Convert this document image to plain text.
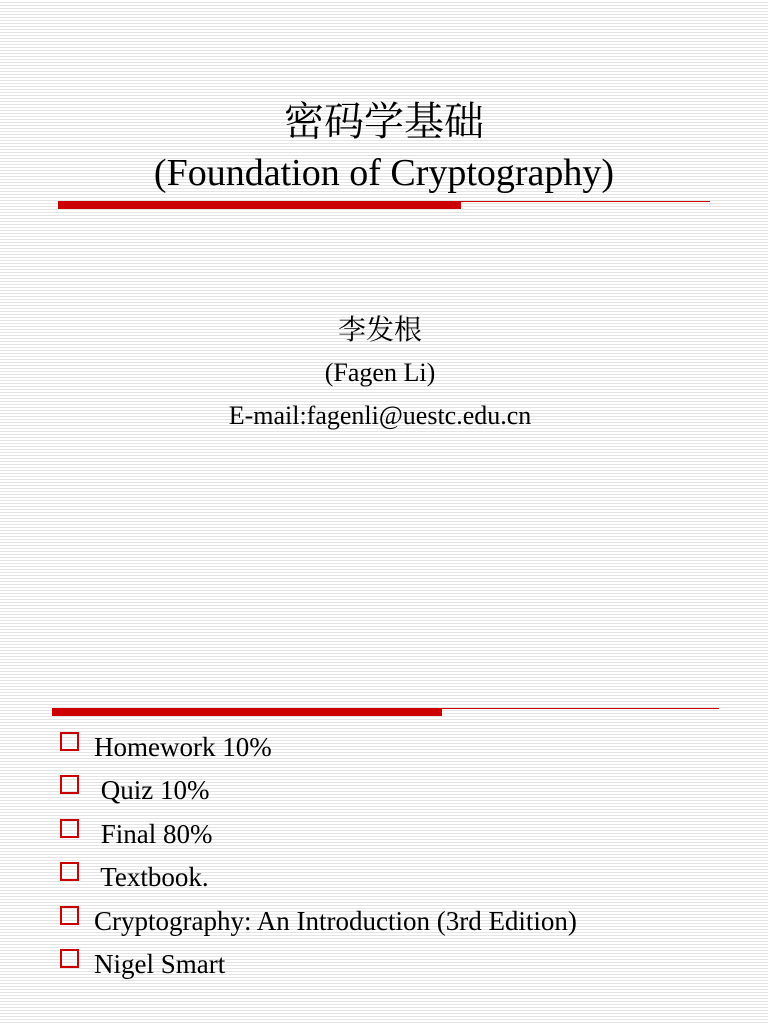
密码学基础
(Foundation of Cryptography)
李发根
(Fagen Li)
E-mail:fagenli@uestc.edu.cn
Homework 10%
Quiz 10%
Final 80%
Textbook.
Cryptography: An Introduction (3rd Edition)
Nigel Smart
